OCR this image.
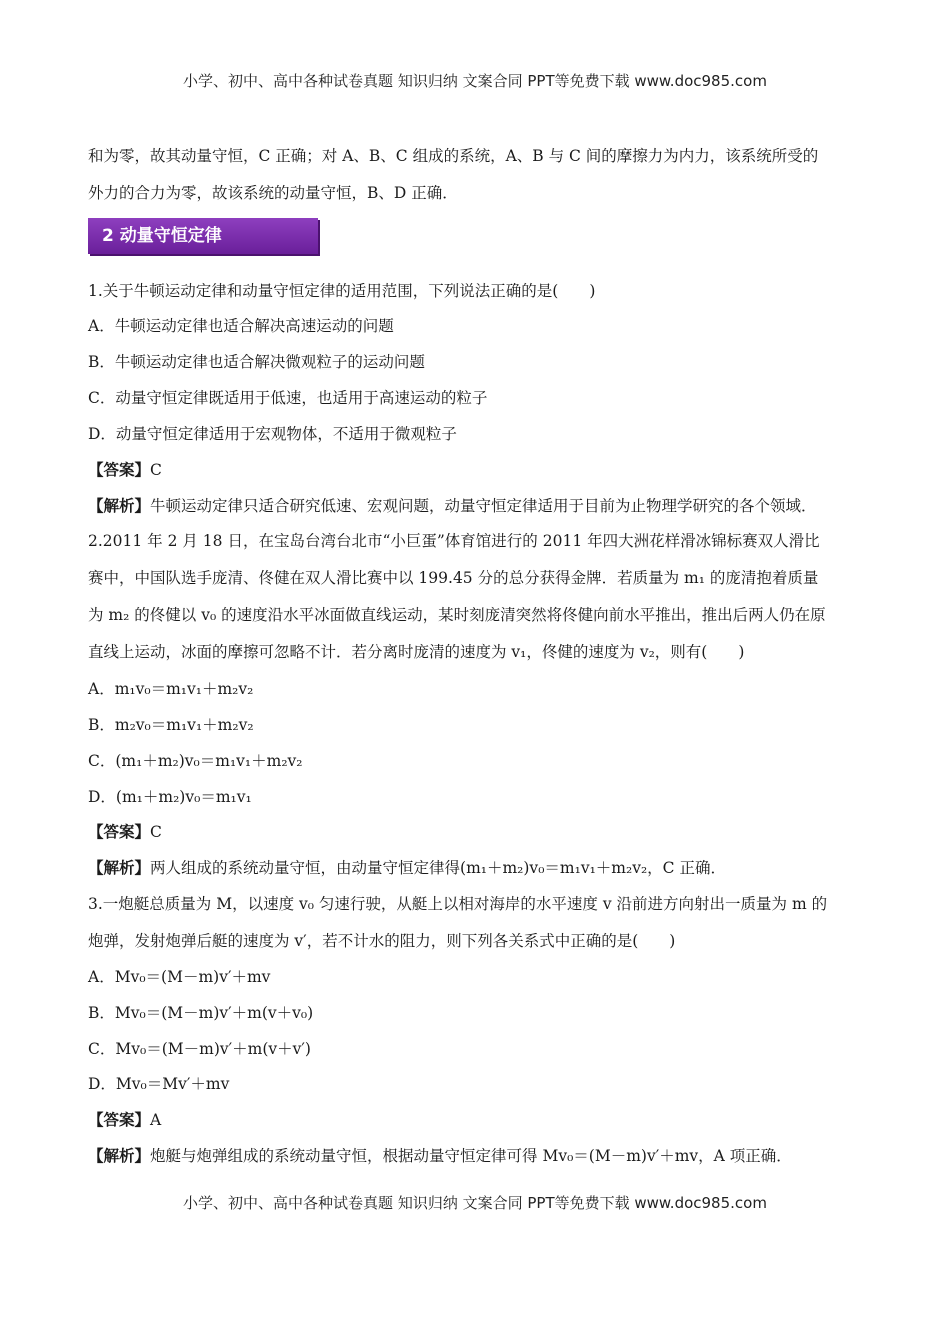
小学、初中、高中各种试卷真题 知识归纳 文案合同 PPT等免费下载 www.doc985.com
和为零，故其动量守恒，C 正确；对 A、B、C 组成的系统，A、B 与 C 间的摩擦力为内力，该系统所受的
外力的合力为零，故该系统的动量守恒，B、D 正确．
2 动量守恒定律
1.关于牛顿运动定律和动量守恒定律的适用范围，下列说法正确的是(　　)
A．牛顿运动定律也适合解决高速运动的问题
B．牛顿运动定律也适合解决微观粒子的运动问题
C．动量守恒定律既适用于低速，也适用于高速运动的粒子
D．动量守恒定律适用于宏观物体，不适用于微观粒子
【答案】C
【解析】牛顿运动定律只适合研究低速、宏观问题，动量守恒定律适用于目前为止物理学研究的各个领域．
2.2011 年 2 月 18 日，在宝岛台湾台北市“小巨蛋”体育馆进行的 2011 年四大洲花样滑冰锦标赛双人滑比
赛中，中国队选手庞清、佟健在双人滑比赛中以 199.45 分的总分获得金牌．若质量为 m₁ 的庞清抱着质量
为 m₂ 的佟健以 v₀ 的速度沿水平冰面做直线运动，某时刻庞清突然将佟健向前水平推出，推出后两人仍在原
直线上运动，冰面的摩擦可忽略不计．若分离时庞清的速度为 v₁，佟健的速度为 v₂，则有(　　)
A．m₁v₀＝m₁v₁＋m₂v₂
B．m₂v₀＝m₁v₁＋m₂v₂
C．(m₁＋m₂)v₀＝m₁v₁＋m₂v₂
D．(m₁＋m₂)v₀＝m₁v₁
【答案】C
【解析】两人组成的系统动量守恒，由动量守恒定律得(m₁＋m₂)v₀＝m₁v₁＋m₂v₂，C 正确．
3.一炮艇总质量为 M，以速度 v₀ 匀速行驶，从艇上以相对海岸的水平速度 v 沿前进方向射出一质量为 m 的
炮弹，发射炮弹后艇的速度为 v′，若不计水的阻力，则下列各关系式中正确的是(　　)
A．Mv₀＝(M－m)v′＋mv
B．Mv₀＝(M－m)v′＋m(v＋v₀)
C．Mv₀＝(M－m)v′＋m(v＋v′)
D．Mv₀＝Mv′＋mv
【答案】A
【解析】炮艇与炮弹组成的系统动量守恒，根据动量守恒定律可得 Mv₀＝(M－m)v′＋mv，A 项正确．
小学、初中、高中各种试卷真题 知识归纳 文案合同 PPT等免费下载 www.doc985.com
